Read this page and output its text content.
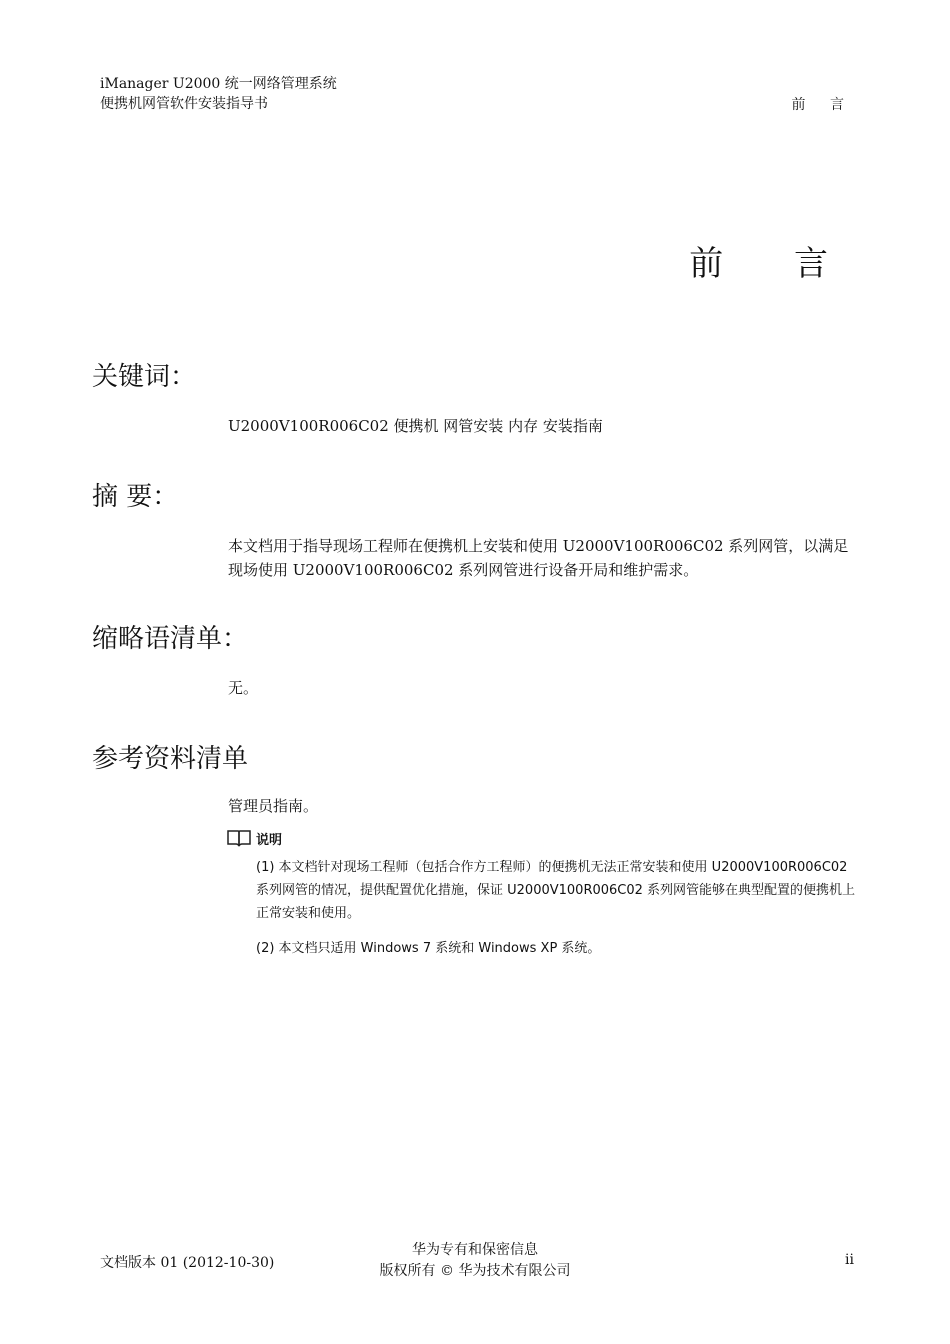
iManager U2000 统一网络管理系统
便携机网管软件安装指导书	前 言
前 言
关键词：
U2000V100R006C02 便携机 网管安装 内存 安装指南
摘 要：
本文档用于指导现场工程师在便携机上安装和使用 U2000V100R006C02 系列网管，以满足现场使用 U2000V100R006C02 系列网管进行设备开局和维护需求。
缩略语清单：
无。
参考资料清单
管理员指南。
说明
(1) 本文档针对现场工程师（包括合作方工程师）的便携机无法正常安装和使用 U2000V100R006C02 系列网管的情况，提供配置优化措施，保证 U2000V100R006C02 系列网管能够在典型配置的便携机上正常安装和使用。
(2) 本文档只适用 Windows 7 系统和 Windows XP 系统。
文档版本 01 (2012-10-30)
华为专有和保密信息
版权所有 © 华为技术有限公司
ii
